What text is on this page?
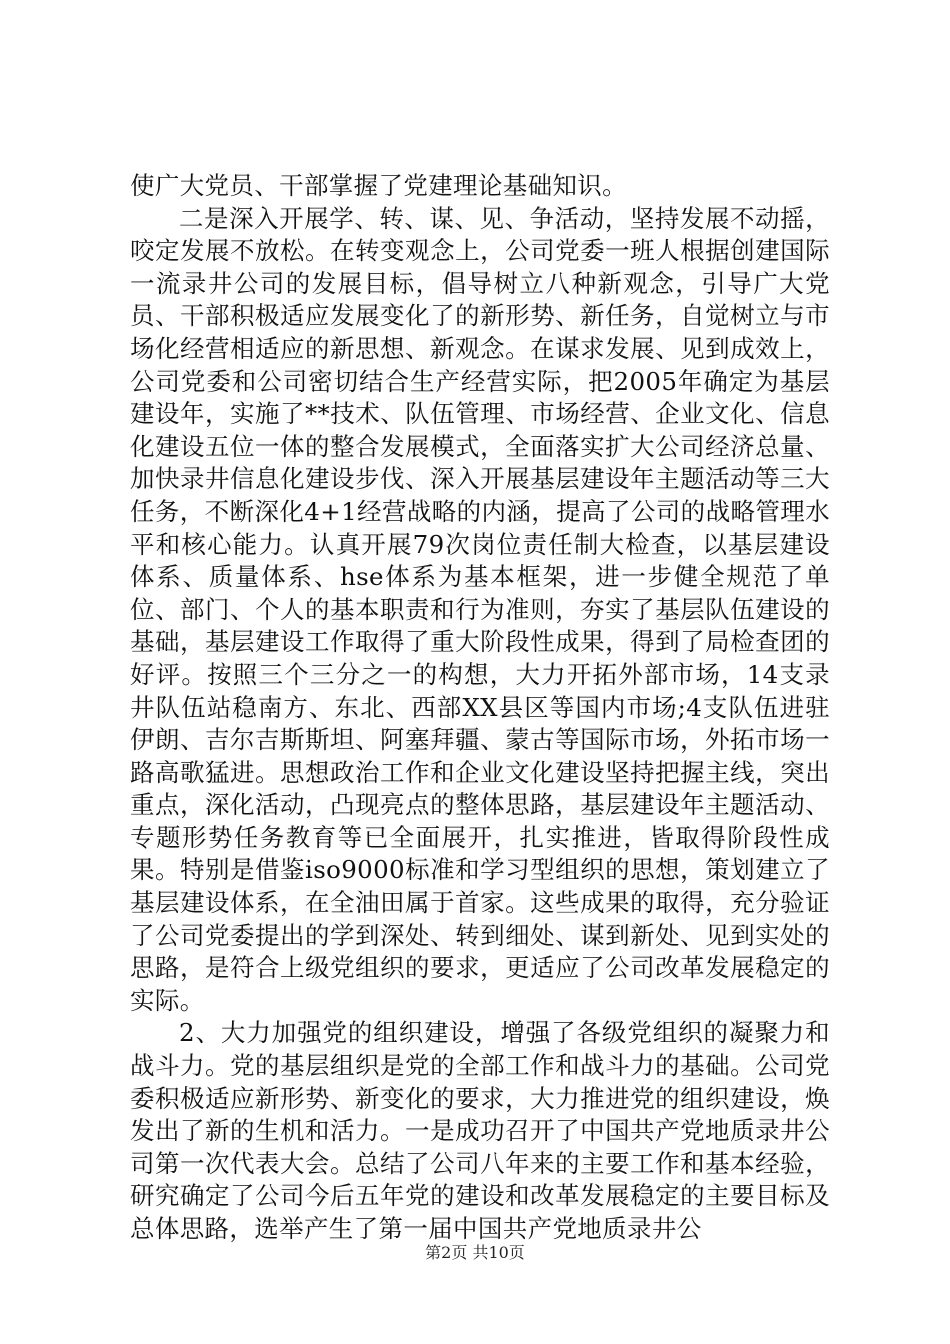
使广大党员、干部掌握了党建理论基础知识。

二是深入开展学、转、谋、见、争活动，坚持发展不动摇，咬定发展不放松。在转变观念上，公司党委一班人根据创建国际一流录井公司的发展目标，倡导树立八种新观念，引导广大党员、干部积极适应发展变化了的新形势、新任务，自觉树立与市场化经营相适应的新思想、新观念。在谋求发展、见到成效上，公司党委和公司密切结合生产经营实际，把2005年确定为基层建设年，实施了**技术、队伍管理、市场经营、企业文化、信息化建设五位一体的整合发展模式，全面落实扩大公司经济总量、加快录井信息化建设步伐、深入开展基层建设年主题活动等三大任务，不断深化4+1经营战略的内涵，提高了公司的战略管理水平和核心能力。认真开展79次岗位责任制大检查，以基层建设体系、质量体系、hse体系为基本框架，进一步健全规范了单位、部门、个人的基本职责和行为准则，夯实了基层队伍建设的基础，基层建设工作取得了重大阶段性成果，得到了局检查团的好评。按照三个三分之一的构想，大力开拓外部市场，14支录井队伍站稳南方、东北、西部XX县区等国内市场;4支队伍进驻伊朗、吉尔吉斯斯坦、阿塞拜疆、蒙古等国际市场，外拓市场一路高歌猛进。思想政治工作和企业文化建设坚持把握主线，突出重点，深化活动，凸现亮点的整体思路，基层建设年主题活动、专题形势任务教育等已全面展开，扎实推进，皆取得阶段性成果。特别是借鉴iso9000标准和学习型组织的思想，策划建立了基层建设体系，在全油田属于首家。这些成果的取得，充分验证了公司党委提出的学到深处、转到细处、谋到新处、见到实处的思路，是符合上级党组织的要求，更适应了公司改革发展稳定的实际。

2、大力加强党的组织建设，增强了各级党组织的凝聚力和战斗力。党的基层组织是党的全部工作和战斗力的基础。公司党委积极适应新形势、新变化的要求，大力推进党的组织建设，焕发出了新的生机和活力。一是成功召开了中国共产党地质录井公司第一次代表大会。总结了公司八年来的主要工作和基本经验，研究确定了公司今后五年党的建设和改革发展稳定的主要目标及总体思路，选举产生了第一届中国共产党地质录井公

第2页 共10页
